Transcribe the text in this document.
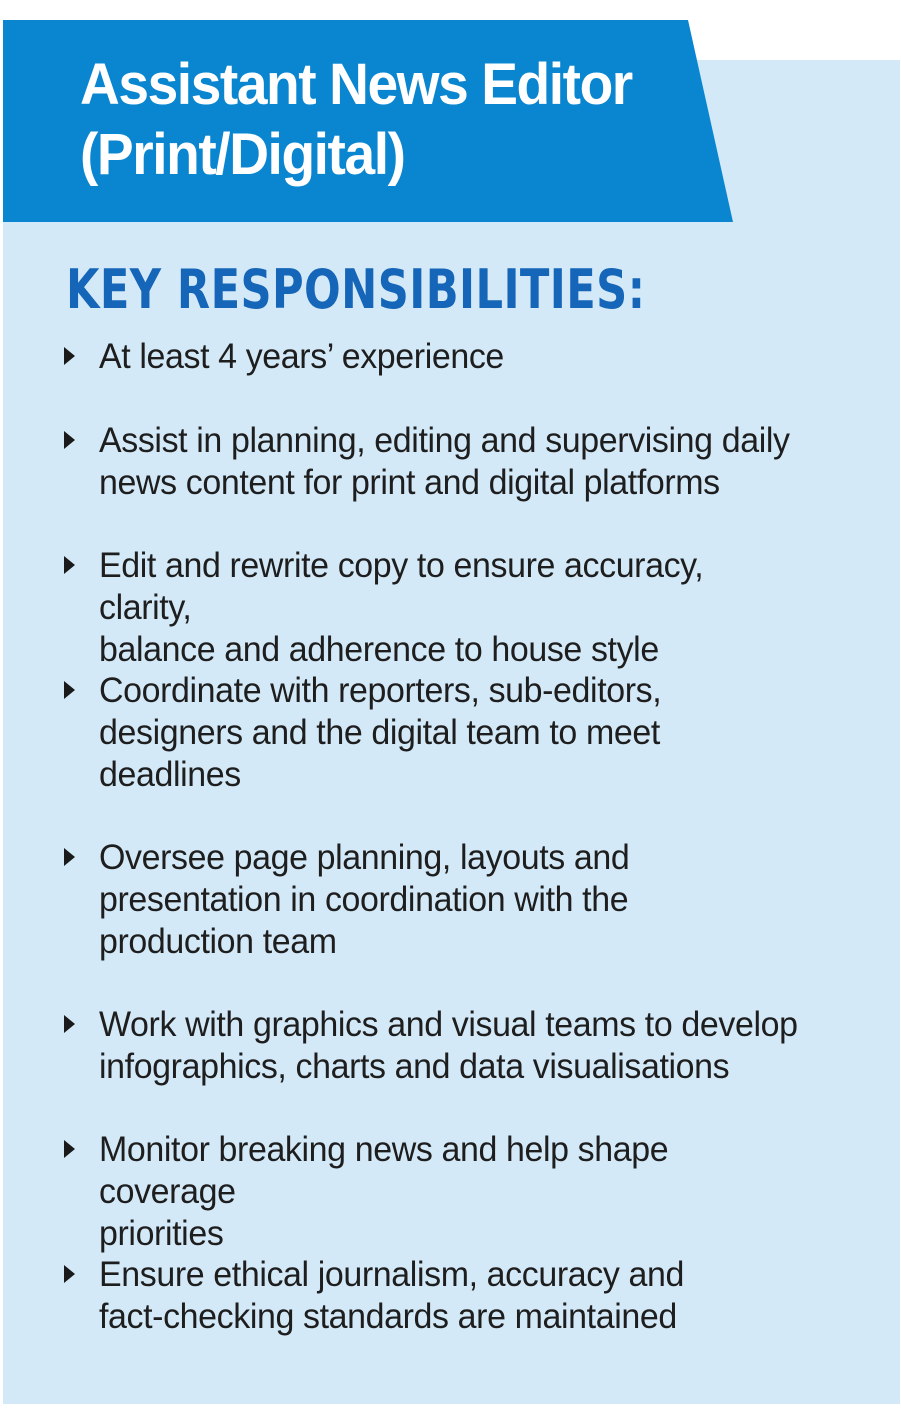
Assistant News Editor
(Print/Digital)
KEY RESPONSIBILITIES:
At least 4 years’ experience
Assist in planning, editing and supervising daily
news content for print and digital platforms
Edit and rewrite copy to ensure accuracy, clarity,
balance and adherence to house style
Coordinate with reporters, sub-editors,
designers and the digital team to meet
deadlines
Oversee page planning, layouts and
presentation in coordination with the
production team
Work with graphics and visual teams to develop
infographics, charts and data visualisations
Monitor breaking news and help shape coverage
priorities
Ensure ethical journalism, accuracy and
fact-checking standards are maintained
